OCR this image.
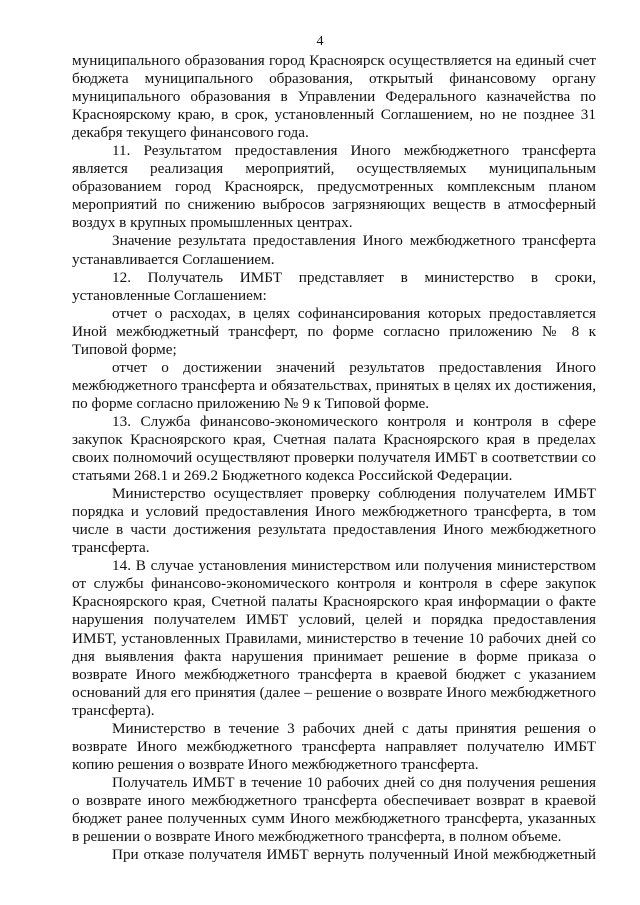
4

муниципального образования город Красноярск осуществляется на единый счет бюджета муниципального образования, открытый финансовому органу муниципального образования в Управлении Федерального казначейства по Красноярскому краю, в срок, установленный Соглашением, но не позднее 31 декабря текущего финансового года.

11. Результатом предоставления Иного межбюджетного трансферта является реализация мероприятий, осуществляемых муниципальным образованием город Красноярск, предусмотренных комплексным планом мероприятий по снижению выбросов загрязняющих веществ в атмосферный воздух в крупных промышленных центрах.

Значение результата предоставления Иного межбюджетного трансферта устанавливается Соглашением.

12. Получатель ИМБТ представляет в министерство в сроки, установленные Соглашением:

отчет о расходах, в целях софинансирования которых предоставляется Иной межбюджетный трансферт, по форме согласно приложению № 8 к Типовой форме;

отчет о достижении значений результатов предоставления Иного межбюджетного трансферта и обязательствах, принятых в целях их достижения, по форме согласно приложению № 9 к Типовой форме.

13. Служба финансово-экономического контроля и контроля в сфере закупок Красноярского края, Счетная палата Красноярского края в пределах своих полномочий осуществляют проверки получателя ИМБТ в соответствии со статьями 268.1 и 269.2 Бюджетного кодекса Российской Федерации.

Министерство осуществляет проверку соблюдения получателем ИМБТ порядка и условий предоставления Иного межбюджетного трансферта, в том числе в части достижения результата предоставления Иного межбюджетного трансферта.

14. В случае установления министерством или получения министерством от службы финансово-экономического контроля и контроля в сфере закупок Красноярского края, Счетной палаты Красноярского края информации о факте нарушения получателем ИМБТ условий, целей и порядка предоставления ИМБТ, установленных Правилами, министерство в течение 10 рабочих дней со дня выявления факта нарушения принимает решение в форме приказа о возврате Иного межбюджетного трансферта в краевой бюджет с указанием оснований для его принятия (далее – решение о возврате Иного межбюджетного трансферта).

Министерство в течение 3 рабочих дней с даты принятия решения о возврате Иного межбюджетного трансферта направляет получателю ИМБТ копию решения о возврате Иного межбюджетного трансферта.

Получатель ИМБТ в течение 10 рабочих дней со дня получения решения о возврате иного межбюджетного трансферта обеспечивает возврат в краевой бюджет ранее полученных сумм Иного межбюджетного трансферта, указанных в решении о возврате Иного межбюджетного трансферта, в полном объеме.

При отказе получателя ИМБТ вернуть полученный Иной межбюджетный
